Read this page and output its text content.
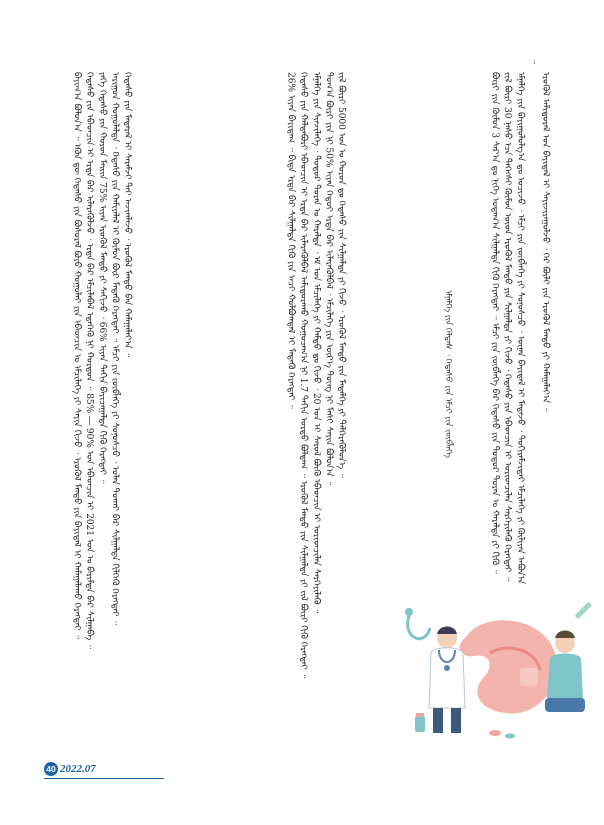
ᠪᠠᠶᠢᠭ᠎ᠠ ᠪᠣᠯᠤᠨ᠎ᠠ ᠃ ᠡᠭᠦᠨ ᠳᠦ ᠭᠡᠳᠡᠰᠦ ᠶᠢᠨ ᠪᠣᠰᠤᠷᠠᠯ ᠪᠤᠶᠤ ᠬᠣᠭᠣᠯᠠᠢ ᠶᠢᠨ ᠡᠪᠡᠳᠴᠢᠨ ᠤ ᠡᠮᠴᠢᠯᠡᠭᠡ ᠶᠢ ᠰᠠᠶᠢᠨ ᠬᠢᠵᠦ ᠂ ᠡᠷᠦᠬᠦᠯ ᠮᠡᠨᠳᠦ ᠶᠢᠨ ᠪᠠᠶᠢᠳᠠᠯ ᠢ ᠬᠠᠮᠠᠭᠠᠯᠠᠬᠤ ᠬᠡᠷᠡᠭᠲᠡᠢ ᠃ ᠭᠡᠳᠡᠰᠦ ᠶᠢᠨ ᠡᠪᠡᠳᠴᠢᠨ ᠢ ᠡᠷᠲᠡ ᠪᠡᠷ ᠢᠯᠡᠷᠡᠭᠦᠯᠵᠦ ᠂ ᠡᠷᠲᠡ ᠪᠡᠷ ᠡᠮᠴᠢᠯᠡᠪᠡᠯ ᠡᠳᠡᠭᠡᠬᠦ ᠨᠢ ᠬᠤᠷᠳᠤᠨ ᠃ 85% ― 90% ᠤᠨ ᠡᠪᠡᠳᠴᠢᠨ ᠢ 2021 ᠣᠨ ᠤ ᠪᠠᠷᠢᠮᠲᠠ ᠪᠡᠷ ᠰᠢᠯᠭᠠᠪᠠ ᠃ ᠶᠡᠬᠡ ᠭᠡᠳᠡᠰᠦ ᠶᠢᠨ ᠬᠣᠷᠣᠨ ᠮᠡᠢᠢᠨ 75% ᠢᠶᠡᠨ ᠡᠷᠦᠬᠦᠯ ᠮᠡᠨᠳᠦ ᠶᠢ ᠰᠠᠬᠢᠵᠤ ᠂ 66% ᠢᠶᠡᠨ ᠳᠠᠬᠢᠨ ᠪᠠᠶᠢᠴᠠᠭᠠᠯᠲᠠ ᠬᠢᠬᠦ ᠬᠡᠷᠡᠭᠲᠡᠢ ᠃ ᠠᠷᠢᠭᠤᠨ ᠬᠣᠭᠣᠯᠠᠯᠲᠠ ᠂ ᠭᠡᠳᠡᠰᠦ ᠶᠢᠨ ᠬᠠᠮᠢᠶᠠᠯᠠᠯ ᠢ ᠬᠦᠮᠦᠨ ᠪᠦᠷ ᠮᠡᠳᠡᠬᠦ ᠬᠡᠷᠡᠭᠲᠡᠢ ᠃ ᠡᠮᠴᠢ ᠶᠢᠨ ᠵᠥᠪᠯᠡᠭᠡ ᠶᠢ ᠰᠣᠨᠣᠰᠴᠤ ᠂ ᠣᠯᠠᠨ ᠲᠤᠬᠠᠢ ᠪᠡᠷ ᠰᠢᠯᠭᠠᠯᠲᠠ ᠬᠢᠯᠭᠡᠬᠦ ᠬᠡᠷᠡᠭᠲᠡᠢ ᠃ ᠭᠡᠳᠡᠰᠦ ᠶᠢᠨ ᠮᠡᠳᠡᠷᠡᠯ ᠢ ᠰᠡᠷᠡᠮᠵᠢ ᠲᠠᠢ ᠠᠵᠢᠭᠯᠠᠵᠤ ᠂ ᠡᠷᠦᠬᠦᠯ ᠮᠡᠨᠳᠦ ᠪᠡᠨ ᠬᠠᠮᠠᠭᠠᠯᠠᠶ᠎ᠠ ᠃	26% ᠢᠶᠡᠨ ᠪᠠᠶᠢᠳᠠᠭ ᠃ ᠪᠢᠳᠡ ᠡᠷᠲᠡ ᠪᠡᠷ ᠰᠢᠯᠭᠠᠯᠲᠠ ᠬᠢᠬᠦ ᠶᠢᠨ ᠠᠴᠢ ᠬᠣᠯᠪᠣᠭᠳᠠᠯ ᠢ ᠮᠡᠳᠡᠬᠦ ᠬᠡᠷᠡᠭᠲᠡᠢ ᠃ ᠭᠡᠳᠡᠰᠦ ᠶᠢᠨ ᠬᠠᠯᠳᠠᠪᠤᠷᠢ ᠡᠪᠡᠳᠴᠢᠨ ᠢ ᠡᠷᠲᠡ ᠪᠡᠷ ᠢᠯᠡᠷᠡᠭᠦᠯᠪᠡᠯ ᠠᠮᠢᠳᠤᠷᠠᠬᠤ ᠬᠤᠭᠤᠴᠠᠭ᠎ᠠ ᠨᠢ 1.7 ᠳᠠᠬᠢᠨ ᠤᠷᠲᠤ ᠪᠣᠯᠳᠠᠭ ᠃ ᠡᠷᠦᠬᠦᠯ ᠮᠡᠨᠳᠦ ᠶᠢᠨ ᠰᠢᠯᠭᠠᠯᠲᠠ ᠶᠢ ᠵᠢᠯ ᠪᠦᠷᠢ ᠬᠢᠬᠦ ᠬᠡᠷᠡᠭᠲᠡᠢ ᠃ ᠡᠮᠨᠡᠯᠭᠡ ᠶᠢᠨ ᠰᠢᠨᠵᠢᠯᠡᠭᠡ ᠂ ᠳᠣᠲᠣᠷ ᠳᠤᠷᠠᠨ ᠤ ᠬᠠᠷᠠᠯᠲᠠ ᠂ ᠡᠮ ᠤᠨ ᠡᠮᠴᠢᠯᠡᠭᠡ ᠶᠢ ᠬᠠᠮᠲᠤ ᠳᠤ ᠬᠢᠵᠦ ᠂ 20 ᠣᠨ ᠢ ᠰᠠᠷᠤᠯ ᠪᠦᠬᠦ ᠡᠪᠡᠳᠴᠢᠨ ᠢ ᠤᠷᠢᠳᠴᠢᠯᠠᠨ ᠰᠡᠷᠭᠡᠶᠢᠯᠡᠬᠦ ᠃ ᠲᠣᠭ᠎ᠠ ᠪᠦᠷᠢ ᠶᠢᠨ ᠨᠢ 50% ᠢᠶᠡᠨ ᠬᠡᠳᠦᠢ ᠡᠷᠲᠡ ᠪᠡᠷ ᠢᠯᠡᠷᠡᠭᠦᠯᠪᠡᠯ ᠂ ᠡᠮᠴᠢᠯᠡᠭᠡ ᠶᠢᠨ ᠦᠷ᠎ᠡ ᠳᠦᠩ ᠨᠢ ᠮᠠᠰᠢ ᠰᠠᠶᠢᠨ ᠪᠣᠯᠤᠨ᠎ᠠ ᠃ ᠵᠢᠯ ᠪᠦᠷᠢ 5000 ᠣᠨ ᠤ ᠬᠣᠷᠣᠨ ᠳᠤ ᠭᠡᠳᠡᠰᠦ ᠶᠢᠨ ᠰᠢᠯᠭᠠᠯᠲᠠ ᠶᠢ ᠬᠢᠵᠦ ᠂ ᠡᠷᠦᠬᠦᠯ ᠮᠡᠨᠳᠦ ᠶᠢᠨ ᠮᠡᠳᠡᠯᠭᠡ ᠶᠢ ᠳᠡᠯᠭᠡᠷᠡᠭᠦᠯᠦᠨ᠎ᠡ ᠃	ᠡᠮᠨᠡᠯᠭᠡ ᠶᠢᠨ ᠬᠡᠯᠲᠡᠰ ᠂ ᠭᠡᠳᠡᠰᠦ ᠶᠢᠨ ᠡᠮᠴᠢ ᠶᠢᠨ ᠵᠥᠪᠯᠡᠭᠡ	ᠪᠦᠷᠢ ᠶᠢᠨ ᠬᠦᠮᠦᠨ 3 ᠰᠠᠷ᠎ᠠ ᠳᠤ ᠨᠢᠭᠡ ᠤᠳᠠᠭ᠎ᠠ ᠰᠢᠯᠭᠠᠯᠲᠠ ᠬᠢᠬᠦ ᠬᠡᠷᠡᠭᠲᠡᠢ ᠃ ᠡᠮᠴᠢ ᠶᠢᠨ ᠵᠥᠪᠯᠡᠭᠡ ᠪᠡᠷ ᠭᠡᠳᠡᠰᠦ ᠶᠢᠨ ᠳᠣᠲᠣᠷ ᠳᠤᠷᠠᠨ ᠤ ᠬᠠᠷᠠᠯᠲᠠ ᠶᠢ ᠬᠢᠬᠦ ᠃ ᠵᠢᠯ ᠪᠦᠷᠢ 30 ᠨᠠᠰᠤ ᠡᠴᠡ ᠳᠡᠭᠡᠭᠰᠢ ᠬᠦᠮᠦᠨ ᠦᠳ ᠡᠷᠦᠬᠦᠯ ᠮᠡᠨᠳᠦ ᠶᠢᠨ ᠰᠢᠯᠭᠠᠯᠲᠠ ᠶᠢ ᠬᠢᠵᠦ ᠂ ᠭᠡᠳᠡᠰᠦ ᠶᠢᠨ ᠡᠪᠡᠳᠴᠢᠨ ᠢ ᠤᠷᠢᠳᠴᠢᠯᠠᠨ ᠰᠡᠷᠭᠡᠶᠢᠯᠡᠬᠦ ᠬᠡᠷᠡᠭᠲᠡᠢ ᠃ ᠡᠮᠨᠡᠯᠭᠡ ᠶᠢᠨ ᠪᠠᠶᠢᠭᠤᠯᠤᠯᠭ᠎ᠠ ᠳᠤ ᠣᠴᠢᠵᠤ ᠂ ᠡᠮᠴᠢ ᠶᠢᠨ ᠵᠥᠪᠯᠡᠭᠡ ᠶᠢ ᠰᠣᠨᠣᠰᠴᠤ ᠂ ᠦᠨᠡᠨ ᠪᠠᠶᠢᠳᠠᠯ ᠢ ᠮᠡᠳᠡᠵᠦ ᠂ ᠲᠣᠬᠢᠷᠠᠮᠵᠢᠲᠠᠢ ᠡᠮᠴᠢᠯᠡᠭᠡ ᠶᠢ ᠬᠦᠯᠢᠶᠡᠨ ᠠᠪᠤᠨ᠎ᠠ ᠃

ᠡᠷᠦᠬᠦᠯ ᠠᠮᠢᠳᠤᠷᠠᠯ ᠤᠨ ᠪᠠᠶᠢᠳᠠᠯ ᠢ ᠰᠠᠶᠢᠵᠢᠷᠠᠭᠤᠯᠵᠤ ᠂ ᠭᠡᠷ ᠪᠦᠯᠢ ᠶᠢᠨ ᠡᠷᠦᠬᠦᠯ ᠮᠡᠨᠳᠦ ᠶᠢ ᠬᠠᠮᠠᠭᠠᠯᠠᠶ᠎ᠠ ᠃

40 2022.07
